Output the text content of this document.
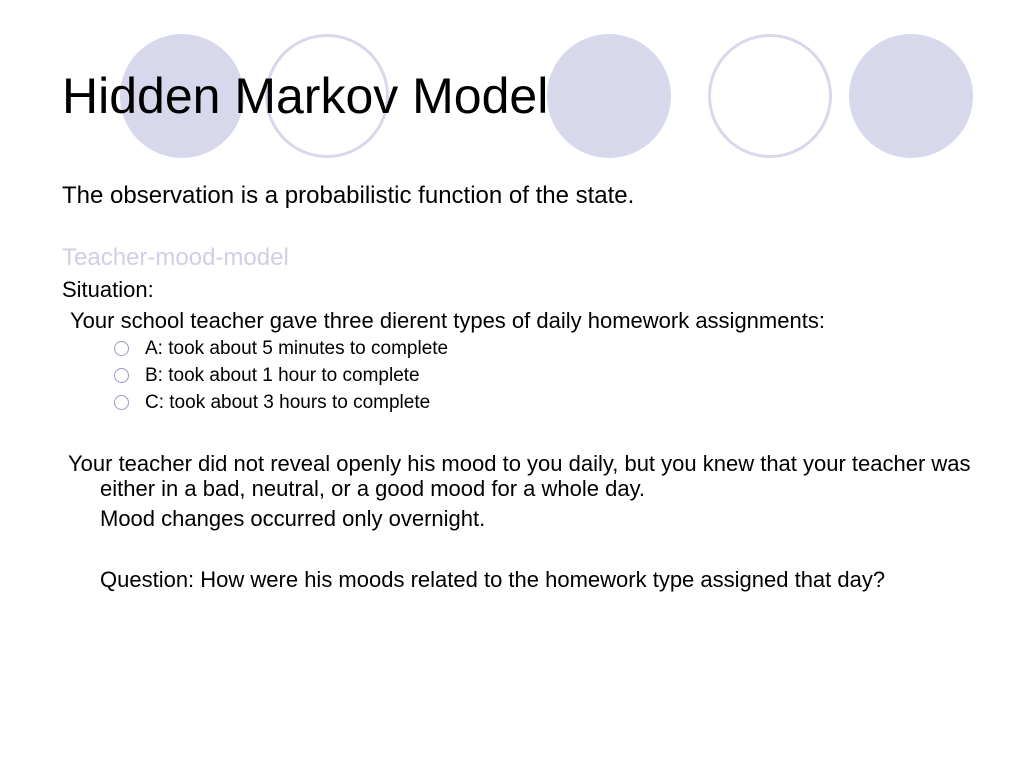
Hidden Markov Model
The observation is a probabilistic function of the state.
Teacher-mood-model
Situation:
Your school teacher gave three dierent types of daily homework assignments:
A: took about 5 minutes to complete
B: took about 1 hour to complete
C: took about 3 hours to complete
Your teacher did not reveal openly his mood to you daily, but you knew that your teacher was either in a bad, neutral, or a good mood for a whole day.
Mood changes occurred only overnight.
Question: How were his moods related to the homework type assigned that day?
